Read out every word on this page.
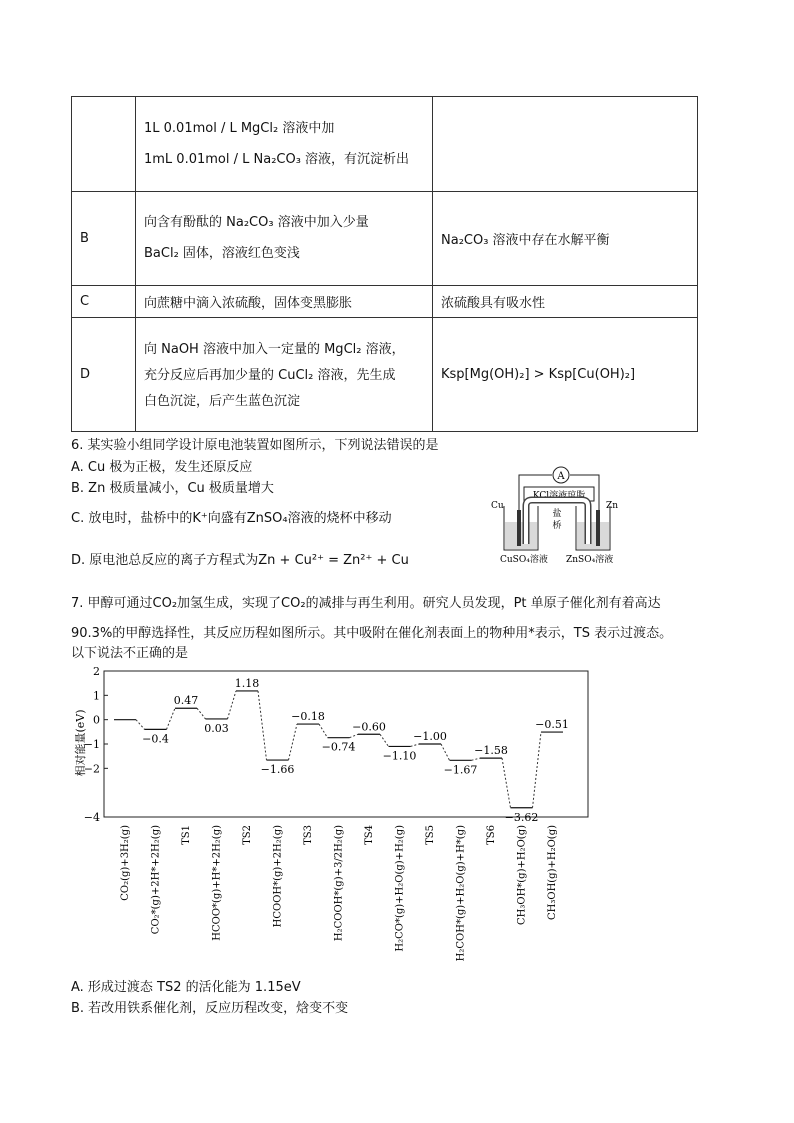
	1L 0.01mol / L MgCl₂ 溶液中加
1mL 0.01mol / L Na₂CO₃ 溶液，有沉淀析出	

B	向含有酚酞的 Na₂CO₃ 溶液中加入少量
BaCl₂ 固体，溶液红色变浅	Na₂CO₃ 溶液中存在水解平衡
C	向蔗糖中滴入浓硫酸，固体变黑膨胀	浓硫酸具有吸水性
D	向 NaOH 溶液中加入一定量的 MgCl₂ 溶液，
充分反应后再加少量的 CuCl₂ 溶液，先生成
白色沉淀，后产生蓝色沉淀	Ksp[Mg(OH)₂] > Ksp[Cu(OH)₂]
6. 某实验小组同学设计原电池装置如图所示，下列说法错误的是
A. Cu 极为正极，发生还原反应
B. Zn 极质量减小，Cu 极质量增大
C. 放电时，盐桥中的K⁺向盛有ZnSO₄溶液的烧杯中移动
D. 原电池总反应的离子方程式为Zn + Cu²⁺ = Zn²⁺ + Cu
A
KCl溶液琼脂
盐
桥
Cu	Zn
CuSO₄溶液 ZnSO₄溶液
7. 甲醇可通过CO₂加氢生成，实现了CO₂的减排与再生利用。研究人员发现，Pt 单原子催化剂有着高达
90.3%的甲醇选择性，其反应历程如图所示。其中吸附在催化剂表面上的物种用*表示，TS 表示过渡态。
以下说法不正确的是
相对能量(eV)
2
1
0
−1
−2
−4
−0.4
0.47
0.03
1.18
−1.66
−0.18
−0.74
−0.60
−1.10
−1.00
−1.67
−1.58
−3.62
−0.51
CO₂(g)+3H₂(g) CO₂*(g)+2H*+2H₂(g) TS1 HCOO*(g)+H*+2H₂(g) TS2 HCOOH*(g)+2H₂(g) TS3 H₂COOH*(g)+3/2H₂(g) TS4 H₂CO*(g)+H₂O(g)+H₂(g) TS5 H₂COH*(g)+H₂O(g)+H*(g) TS6 CH₃OH*(g)+H₂O(g) CH₃OH(g)+H₂O(g)
A. 形成过渡态 TS2 的活化能为 1.15eV
B. 若改用铁系催化剂，反应历程改变，焓变不变
